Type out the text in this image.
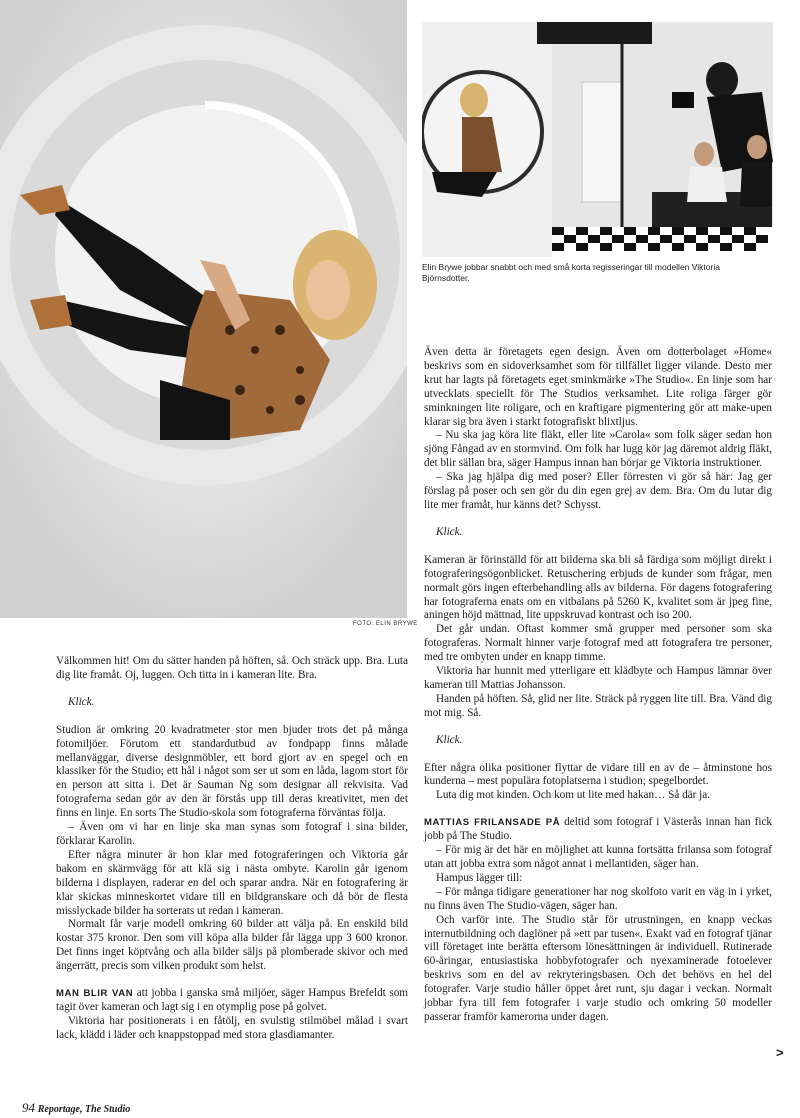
FOTO: ELIN BRYWE
Elin Brywe jobbar snabbt och med små korta regisseringar till modellen Viktoria Björnsdotter.

Även detta är företagets egen design. Även om dotterbolaget »Home« beskrivs som en sidoverksamhet som för tillfället ligger vilande. Desto mer krut har lagts på företagets eget sminkmärke »The Studio«. En linje som har utvecklats speciellt för The Studios verksamhet. Lite roliga färger gör sminkningen lite roligare, och en kraftigare pigmentering gör att make-upen klarar sig bra även i starkt fotografiskt blixtljus.

– Nu ska jag köra lite fläkt, eller lite »Carola« som folk säger sedan hon sjöng Fångad av en stormvind. Om folk har lugg kör jag däremot aldrig fläkt, det blir sällan bra, säger Hampus innan han börjar ge Viktoria instruktioner.

– Ska jag hjälpa dig med poser? Eller förresten vi gör så här: Jag ger förslag på poser och sen gör du din egen grej av dem. Bra. Om du lutar dig lite mer framåt, hur känns det? Schysst.

Klick.

Kameran är förinställd för att bilderna ska bli så färdiga som möjligt direkt i fotograferingsögonblicket. Retuschering erbjuds de kunder som frågar, men normalt görs ingen efterbehandling alls av bilderna. För dagens fotografering har fotograferna enats om en vitbalans på 5260 K, kvalitet som är jpeg fine, aningen höjd mättnad, lite uppskruvad kontrast och iso 200.

Det går undan. Oftast kommer små grupper med personer som ska fotograferas. Normalt hinner varje fotograf med att fotografera tre personer, med tre ombyten under en knapp timme.

Viktoria har hunnit med ytterligare ett klädbyte och Hampus lämnar över kameran till Mattias Johansson.

Handen på höften. Så, glid ner lite. Sträck på ryggen lite till. Bra. Vänd dig mot mig. Så.

Klick.

Efter några olika positioner flyttar de vidare till en av de – åtminstone hos kunderna – mest populära fotoplatserna i studion; spegelbordet.

Luta dig mot kinden. Och kom ut lite med hakan… Så där ja.

MATTIAS FRILANSADE PÅ deltid som fotograf i Västerås innan han fick jobb på The Studio.

– För mig är det här en möjlighet att kunna fortsätta frilansa som fotograf utan att jobba extra som något annat i mellantiden, säger han.

Hampus lägger till:

– För många tidigare generationer har nog skolfoto varit en väg in i yrket, nu finns även The Studio-vägen, säger han.

Och varför inte. The Studio står för utrustningen, en knapp veckas internutbildning och daglöner på »ett par tusen«. Exakt vad en fotograf tjänar vill företaget inte berätta eftersom lönesättningen är individuell. Rutinerade 60-åringar, entusiastiska hobbyfotografer och nyexaminerade fotoelever beskrivs som en del av rekryteringsbasen. Och det behövs en hel del fotografer. Varje studio håller öppet året runt, sju dagar i veckan. Normalt jobbar fyra till fem fotografer i varje studio och omkring 50 modeller passerar framför kamerorna under dagen.

Välkommen hit! Om du sätter handen på höften, så. Och sträck upp. Bra. Luta dig lite framåt. Oj, luggen. Och titta in i kameran lite. Bra.

Klick.

Studion är omkring 20 kvadratmeter stor men bjuder trots det på många fotomiljöer. Förutom ett standardutbud av fondpapp finns målade mellanväggar, diverse designmöbler, ett bord gjort av en spegel och en klassiker för the Studio; ett hål i något som ser ut som en låda, lagom stort för en person att sitta i. Det är Sauman Ng som designar all rekvisita. Vad fotograferna sedan gör av den är förstås upp till deras kreativitet, men det finns en linje. En sorts The Studio-skola som fotograferna förväntas följa.

– Även om vi har en linje ska man synas som fotograf i sina bilder, förklarar Karolin.

Efter några minuter är hon klar med fotograferingen och Viktoria går bakom en skärmvägg för att klä sig i nästa ombyte. Karolin går igenom bilderna i displayen, raderar en del och sparar andra. När en fotografering är klar skickas minneskortet vidare till en bildgranskare och då bör de flesta misslyckade bilder ha sorterats ut redan i kameran.

Normalt får varje modell omkring 60 bilder att välja på. En enskild bild kostar 375 kronor. Den som vill köpa alla bilder får lägga upp 3 600 kronor. Det finns inget köptvång och alla bilder säljs på plomberade skivor och med ängerrätt, precis som vilken produkt som helst.

MAN BLIR VAN att jobba i ganska små miljöer, säger Hampus Brefeldt som tagit över kameran och lagt sig i en otymplig pose på golvet.

Viktoria har positionerats i en fåtölj, en svulstig stilmöbel målad i svart lack, klädd i läder och knappstoppad med stora glasdiamanter.

>
94 Reportage, The Studio
